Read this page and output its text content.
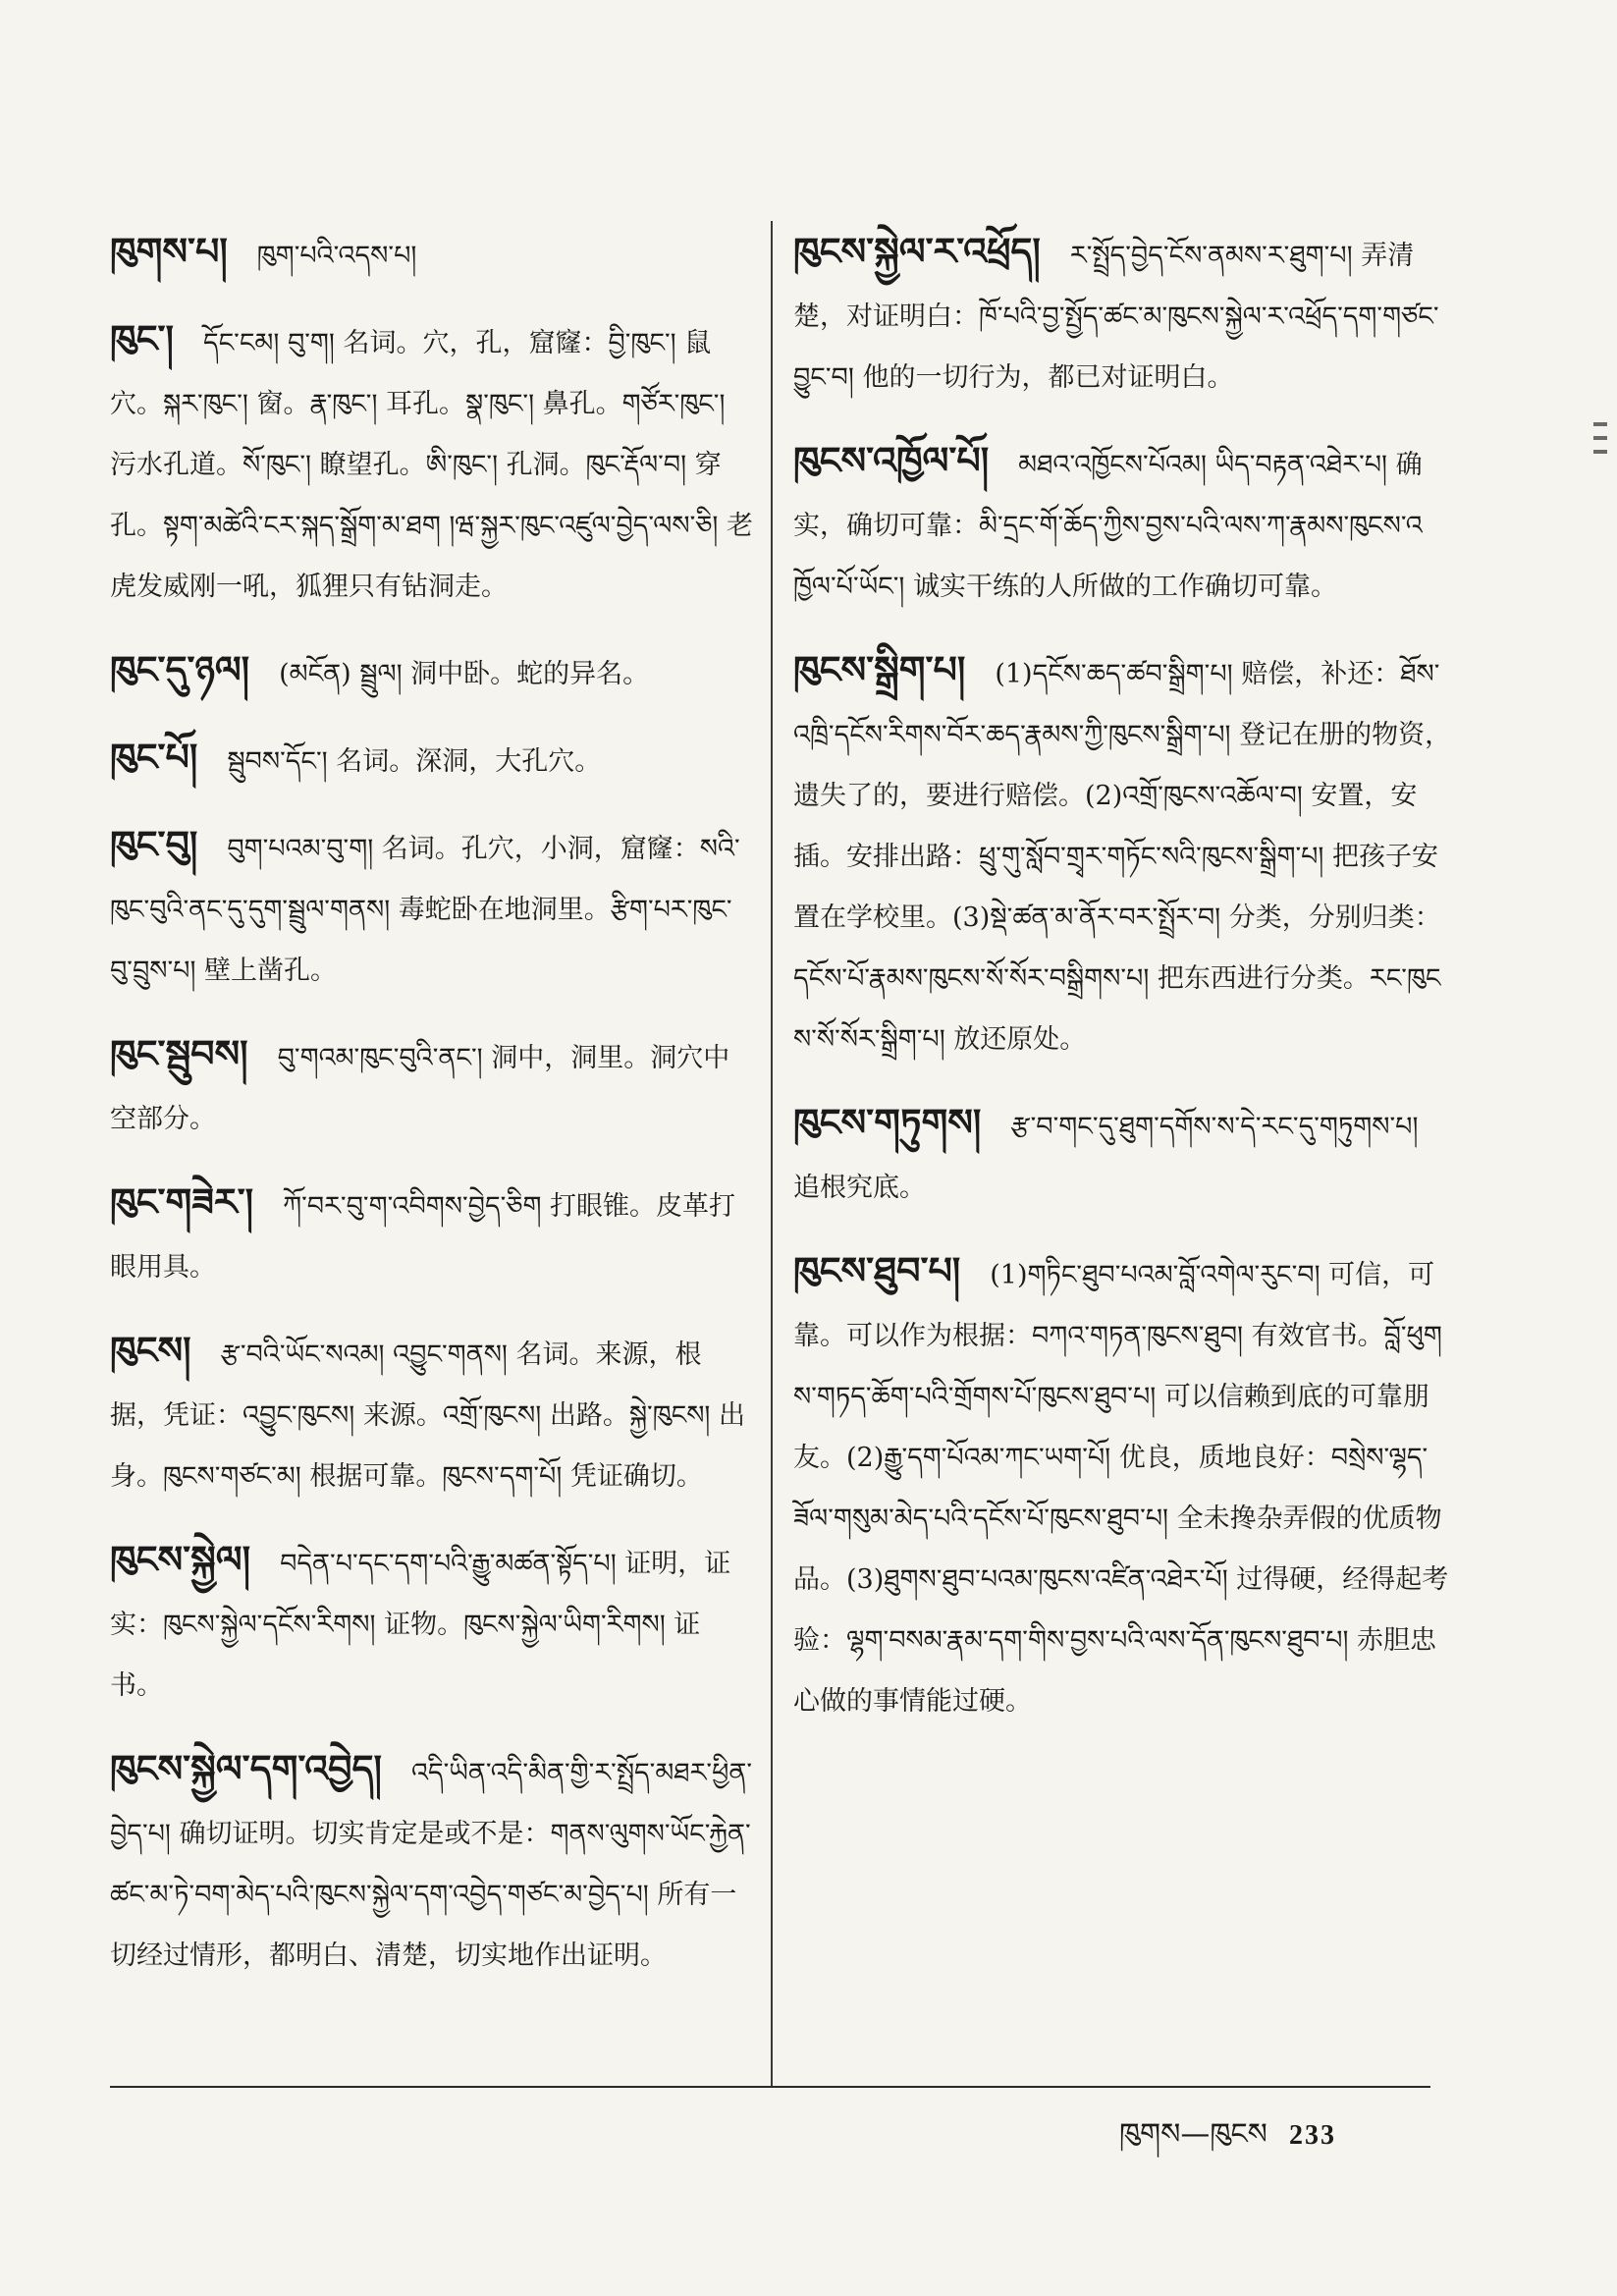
ཁུགས་པ། ཁུག་པའི་འདས་པ།
ཁུང་། དོང་ངམ། བུ་ག། 名词。穴，孔，窟窿：བྱི་ཁུང་། 鼠穴。སྐར་ཁུང་། 窗。རྣ་ཁུང་། 耳孔。སྣ་ཁུང་། 鼻孔。གཙོར་ཁུང་། 污水孔道。སོ་ཁུང་། 瞭望孔。ཨི་ཁུང་། 孔洞。ཁུང་རྡོལ་བ། 穿孔。སྟག་མཚེའི་ངར་སྐད་སྒྲོག་མ་ཐག །ཝ་སྐྱར་ཁུང་འཛུལ་བྱེད་ལས་ཅི། 老虎发威刚一吼，狐狸只有钻洞走。
ཁུང་དུ་ཉལ། (མངོན) སྦྲུལ། 洞中卧。蛇的异名。
ཁུང་པོ། སྦུབས་དོང་། 名词。深洞，大孔穴。
ཁུང་བུ། བུག་པའམ་བུ་ག། 名词。孔穴，小洞，窟窿：སའི་ཁུང་བུའི་ནང་དུ་དུག་སྦྲུལ་གནས། 毒蛇卧在地洞里。རྩིག་པར་ཁུང་བུ་བྲུས་པ། 壁上凿孔。
ཁུང་སྦུབས། བུ་གའམ་ཁུང་བུའི་ནང་། 洞中，洞里。洞穴中空部分。
ཁུང་གཟེར་། ཀོ་བར་བུ་ག་འབིགས་བྱེད་ཅིག 打眼锥。皮革打眼用具。
ཁུངས། རྩ་བའི་ཡོང་སའམ། འབྱུང་གནས། 名词。来源，根据，凭证：འབྱུང་ཁུངས། 来源。འགྲོ་ཁུངས། 出路。སྐྱེ་ཁུངས། 出身。ཁུངས་གཙང་མ། 根据可靠。ཁུངས་དག་པོ། 凭证确切。
ཁུངས་སྐྱེལ། བདེན་པ་དང་དག་པའི་རྒྱུ་མཚན་སྟོད་པ། 证明，证实：ཁུངས་སྐྱེལ་དངོས་རིགས། 证物。ཁུངས་སྐྱེལ་ཡིག་རིགས། 证书。
ཁུངས་སྐྱེལ་དག་འབྱེད། འདི་ཡིན་འདི་མིན་གྱི་ར་སྤྲོད་མཐར་ཕྱིན་བྱེད་པ། 确切证明。切实肯定是或不是：གནས་ལུགས་ཡོང་རྐྱེན་ཚང་མ་ཏེ་བག་མེད་པའི་ཁུངས་སྐྱེལ་དག་འབྱེད་གཙང་མ་བྱེད་པ། 所有一切经过情形，都明白、清楚，切实地作出证明。
ཁུངས་སྐྱེལ་ར་འཕྲོད། ར་སྤྲོད་བྱེད་ངོས་ནམས་ར་ཐུག་པ། 弄清楚，对证明白：ཁོ་པའི་བྱ་སྤྱོད་ཚང་མ་ཁུངས་སྐྱེལ་ར་འཕྲོད་དག་གཙང་བྱུང་བ། 他的一切行为，都已对证明白。
ཁུངས་འཁྱོལ་པོ། མཐའ་འཁྱོངས་པོའམ། ཡིད་བརྟན་འཐེར་པ། 确实，确切可靠：མི་དྲང་གོ་ཆོད་ཀྱིས་བྱས་པའི་ལས་ཀ་རྣམས་ཁུངས་འཁྱོལ་པོ་ཡོང་། 诚实干练的人所做的工作确切可靠。
ཁུངས་སྒྲིག་པ། (1)དངོས་ཆད་ཚབ་སྒྲིག་པ། 赔偿，补还：ཐོས་འཁྲི་དངོས་རིགས་བོར་ཆད་རྣམས་ཀྱི་ཁུངས་སྒྲིག་པ། 登记在册的物资，遗失了的，要进行赔偿。(2)འགྲོ་ཁུངས་འཆོལ་བ། 安置，安插。安排出路：ཕྲུ་གུ་སློབ་གྲྭར་གཏོང་སའི་ཁུངས་སྒྲིག་པ། 把孩子安置在学校里。(3)སྡེ་ཚན་མ་ནོར་བར་སྤྲོར་བ། 分类，分别归类：དངོས་པོ་རྣམས་ཁུངས་སོ་སོར་བསྒྲིགས་པ། 把东西进行分类。རང་ཁུངས་སོ་སོར་སྒྲིག་པ། 放还原处。
ཁུངས་གཏུགས། རྩ་བ་གང་དུ་ཐུག་དགོས་ས་དེ་རང་དུ་གཏུགས་པ། 追根究底。
ཁུངས་ཐུབ་པ། (1)གཏིང་ཐུབ་པའམ་བློ་འགེལ་རུང་བ། 可信，可靠。可以作为根据：བཀའ་གཏན་ཁུངས་ཐུབ། 有效官书。བློ་ཕུགས་གཏད་ཆོག་པའི་གྲོགས་པོ་ཁུངས་ཐུབ་པ། 可以信赖到底的可靠朋友。(2)རྒྱུ་དག་པོའམ་ཀང་ཡག་པོ། 优良，质地良好：བསྲེས་ལྷད་ཟོལ་གསུམ་མེད་པའི་དངོས་པོ་ཁུངས་ཐུབ་པ། 全未搀杂弄假的优质物品。(3)ཐུགས་ཐུབ་པའམ་ཁུངས་འཛིན་འཐེར་པོ། 过得硬，经得起考验：ལྷག་བསམ་རྣམ་དག་གིས་བྱས་པའི་ལས་དོན་ཁུངས་ཐུབ་པ། 赤胆忠心做的事情能过硬。
ཁུགས—ཁུངས 233
